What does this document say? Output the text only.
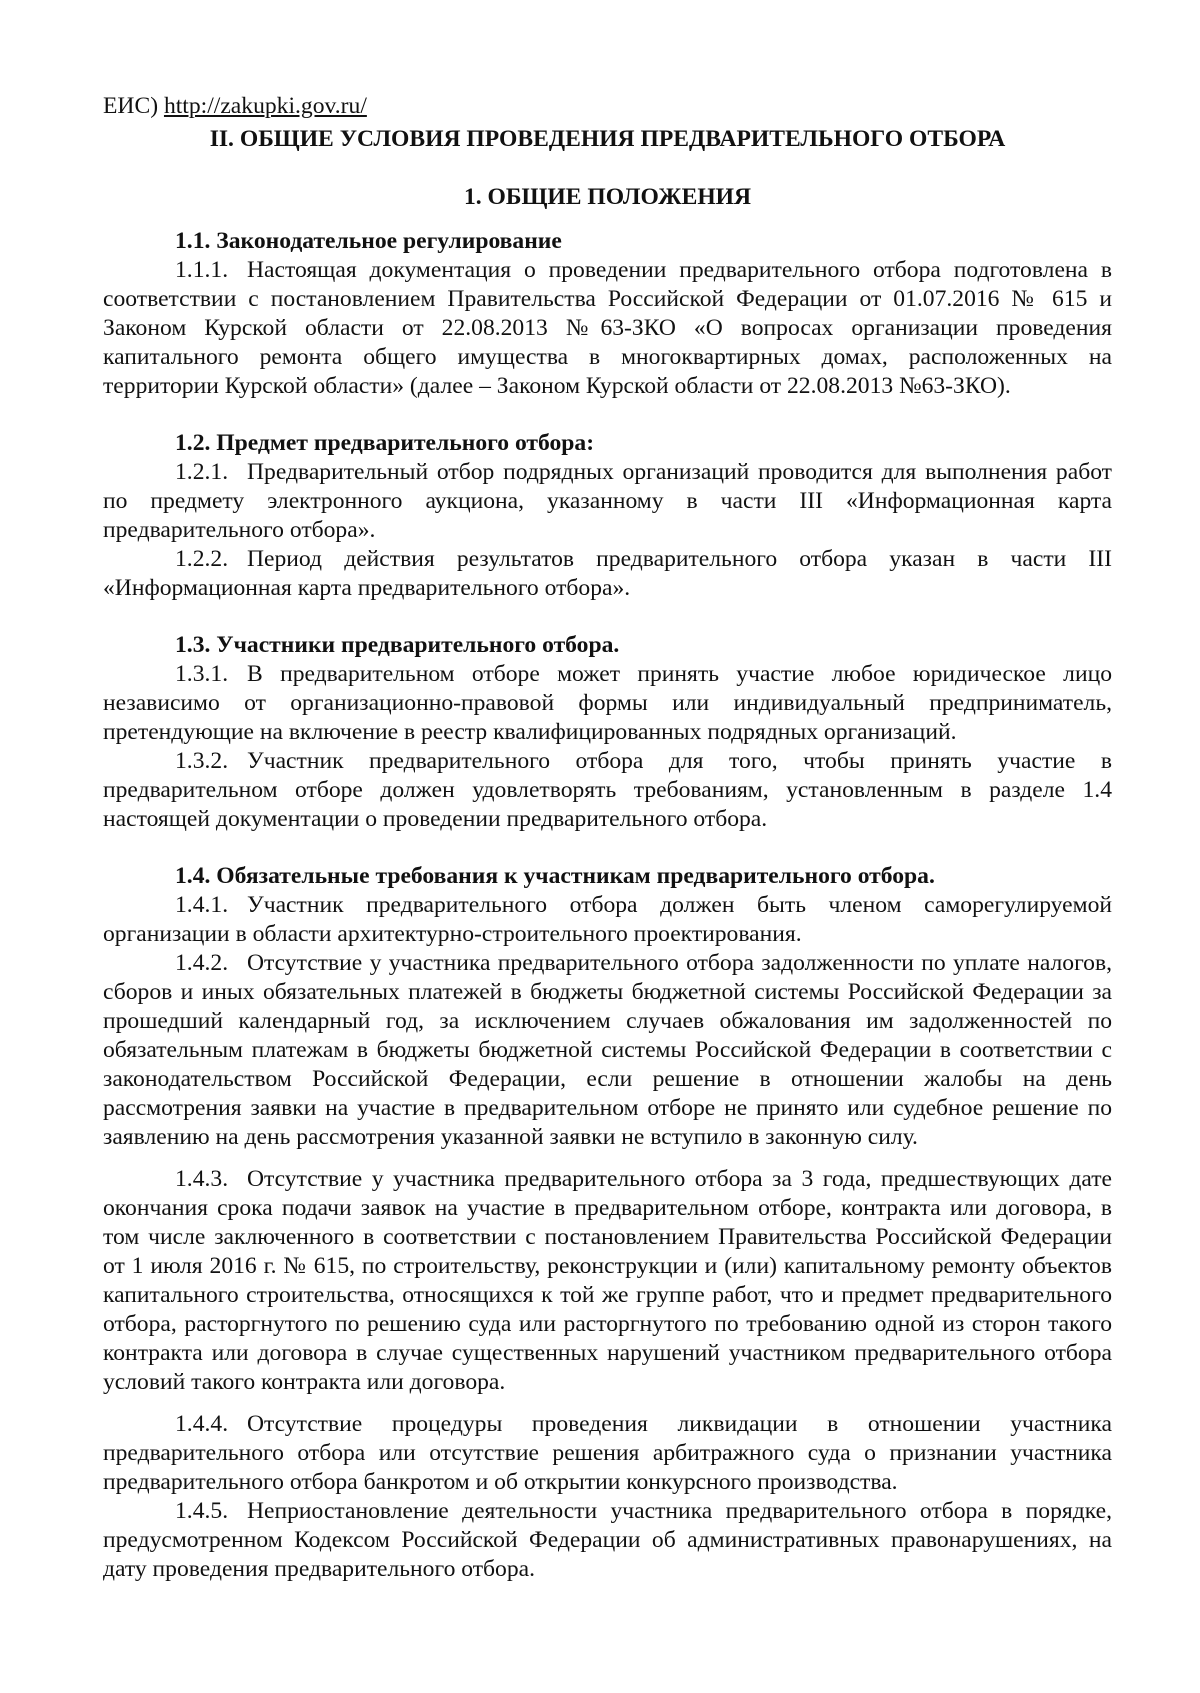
ЕИС) http://zakupki.gov.ru/
II. ОБЩИЕ УСЛОВИЯ ПРОВЕДЕНИЯ ПРЕДВАРИТЕЛЬНОГО ОТБОРА
1. ОБЩИЕ ПОЛОЖЕНИЯ
1.1. Законодательное регулирование

1.1.1. Настоящая документация о проведении предварительного отбора подготовлена в соответствии с постановлением Правительства Российской Федерации от 01.07.2016 № 615 и Законом Курской области от 22.08.2013 №63-ЗКО «О вопросах организации проведения капитального ремонта общего имущества в многоквартирных домах, расположенных на территории Курской области» (далее – Законом Курской области от 22.08.2013 №63-ЗКО).

1.2. Предмет предварительного отбора:

1.2.1. Предварительный отбор подрядных организаций проводится для выполнения работ по предмету электронного аукциона, указанному в части III «Информационная карта предварительного отбора».

1.2.2. Период действия результатов предварительного отбора указан в части III «Информационная карта предварительного отбора».

1.3. Участники предварительного отбора.

1.3.1. В предварительном отборе может принять участие любое юридическое лицо независимо от организационно-правовой формы или индивидуальный предприниматель, претендующие на включение в реестр квалифицированных подрядных организаций.

1.3.2. Участник предварительного отбора для того, чтобы принять участие в предварительном отборе должен удовлетворять требованиям, установленным в разделе 1.4 настоящей документации о проведении предварительного отбора.

1.4. Обязательные требования к участникам предварительного отбора.

1.4.1. Участник предварительного отбора должен быть членом саморегулируемой организации в области архитектурно-строительного проектирования.

1.4.2. Отсутствие у участника предварительного отбора задолженности по уплате налогов, сборов и иных обязательных платежей в бюджеты бюджетной системы Российской Федерации за прошедший календарный год, за исключением случаев обжалования им задолженностей по обязательным платежам в бюджеты бюджетной системы Российской Федерации в соответствии с законодательством Российской Федерации, если решение в отношении жалобы на день рассмотрения заявки на участие в предварительном отборе не принято или судебное решение по заявлению на день рассмотрения указанной заявки не вступило в законную силу.

1.4.3. Отсутствие у участника предварительного отбора за 3 года, предшествующих дате окончания срока подачи заявок на участие в предварительном отборе, контракта или договора, в том числе заключенного в соответствии с постановлением Правительства Российской Федерации от 1 июля 2016 г. № 615, по строительству, реконструкции и (или) капитальному ремонту объектов капитального строительства, относящихся к той же группе работ, что и предмет предварительного отбора, расторгнутого по решению суда или расторгнутого по требованию одной из сторон такого контракта или договора в случае существенных нарушений участником предварительного отбора условий такого контракта или договора.

1.4.4. Отсутствие процедуры проведения ликвидации в отношении участника предварительного отбора или отсутствие решения арбитражного суда о признании участника предварительного отбора банкротом и об открытии конкурсного производства.

1.4.5. Неприостановление деятельности участника предварительного отбора в порядке, предусмотренном Кодексом Российской Федерации об административных правонарушениях, на дату проведения предварительного отбора.
